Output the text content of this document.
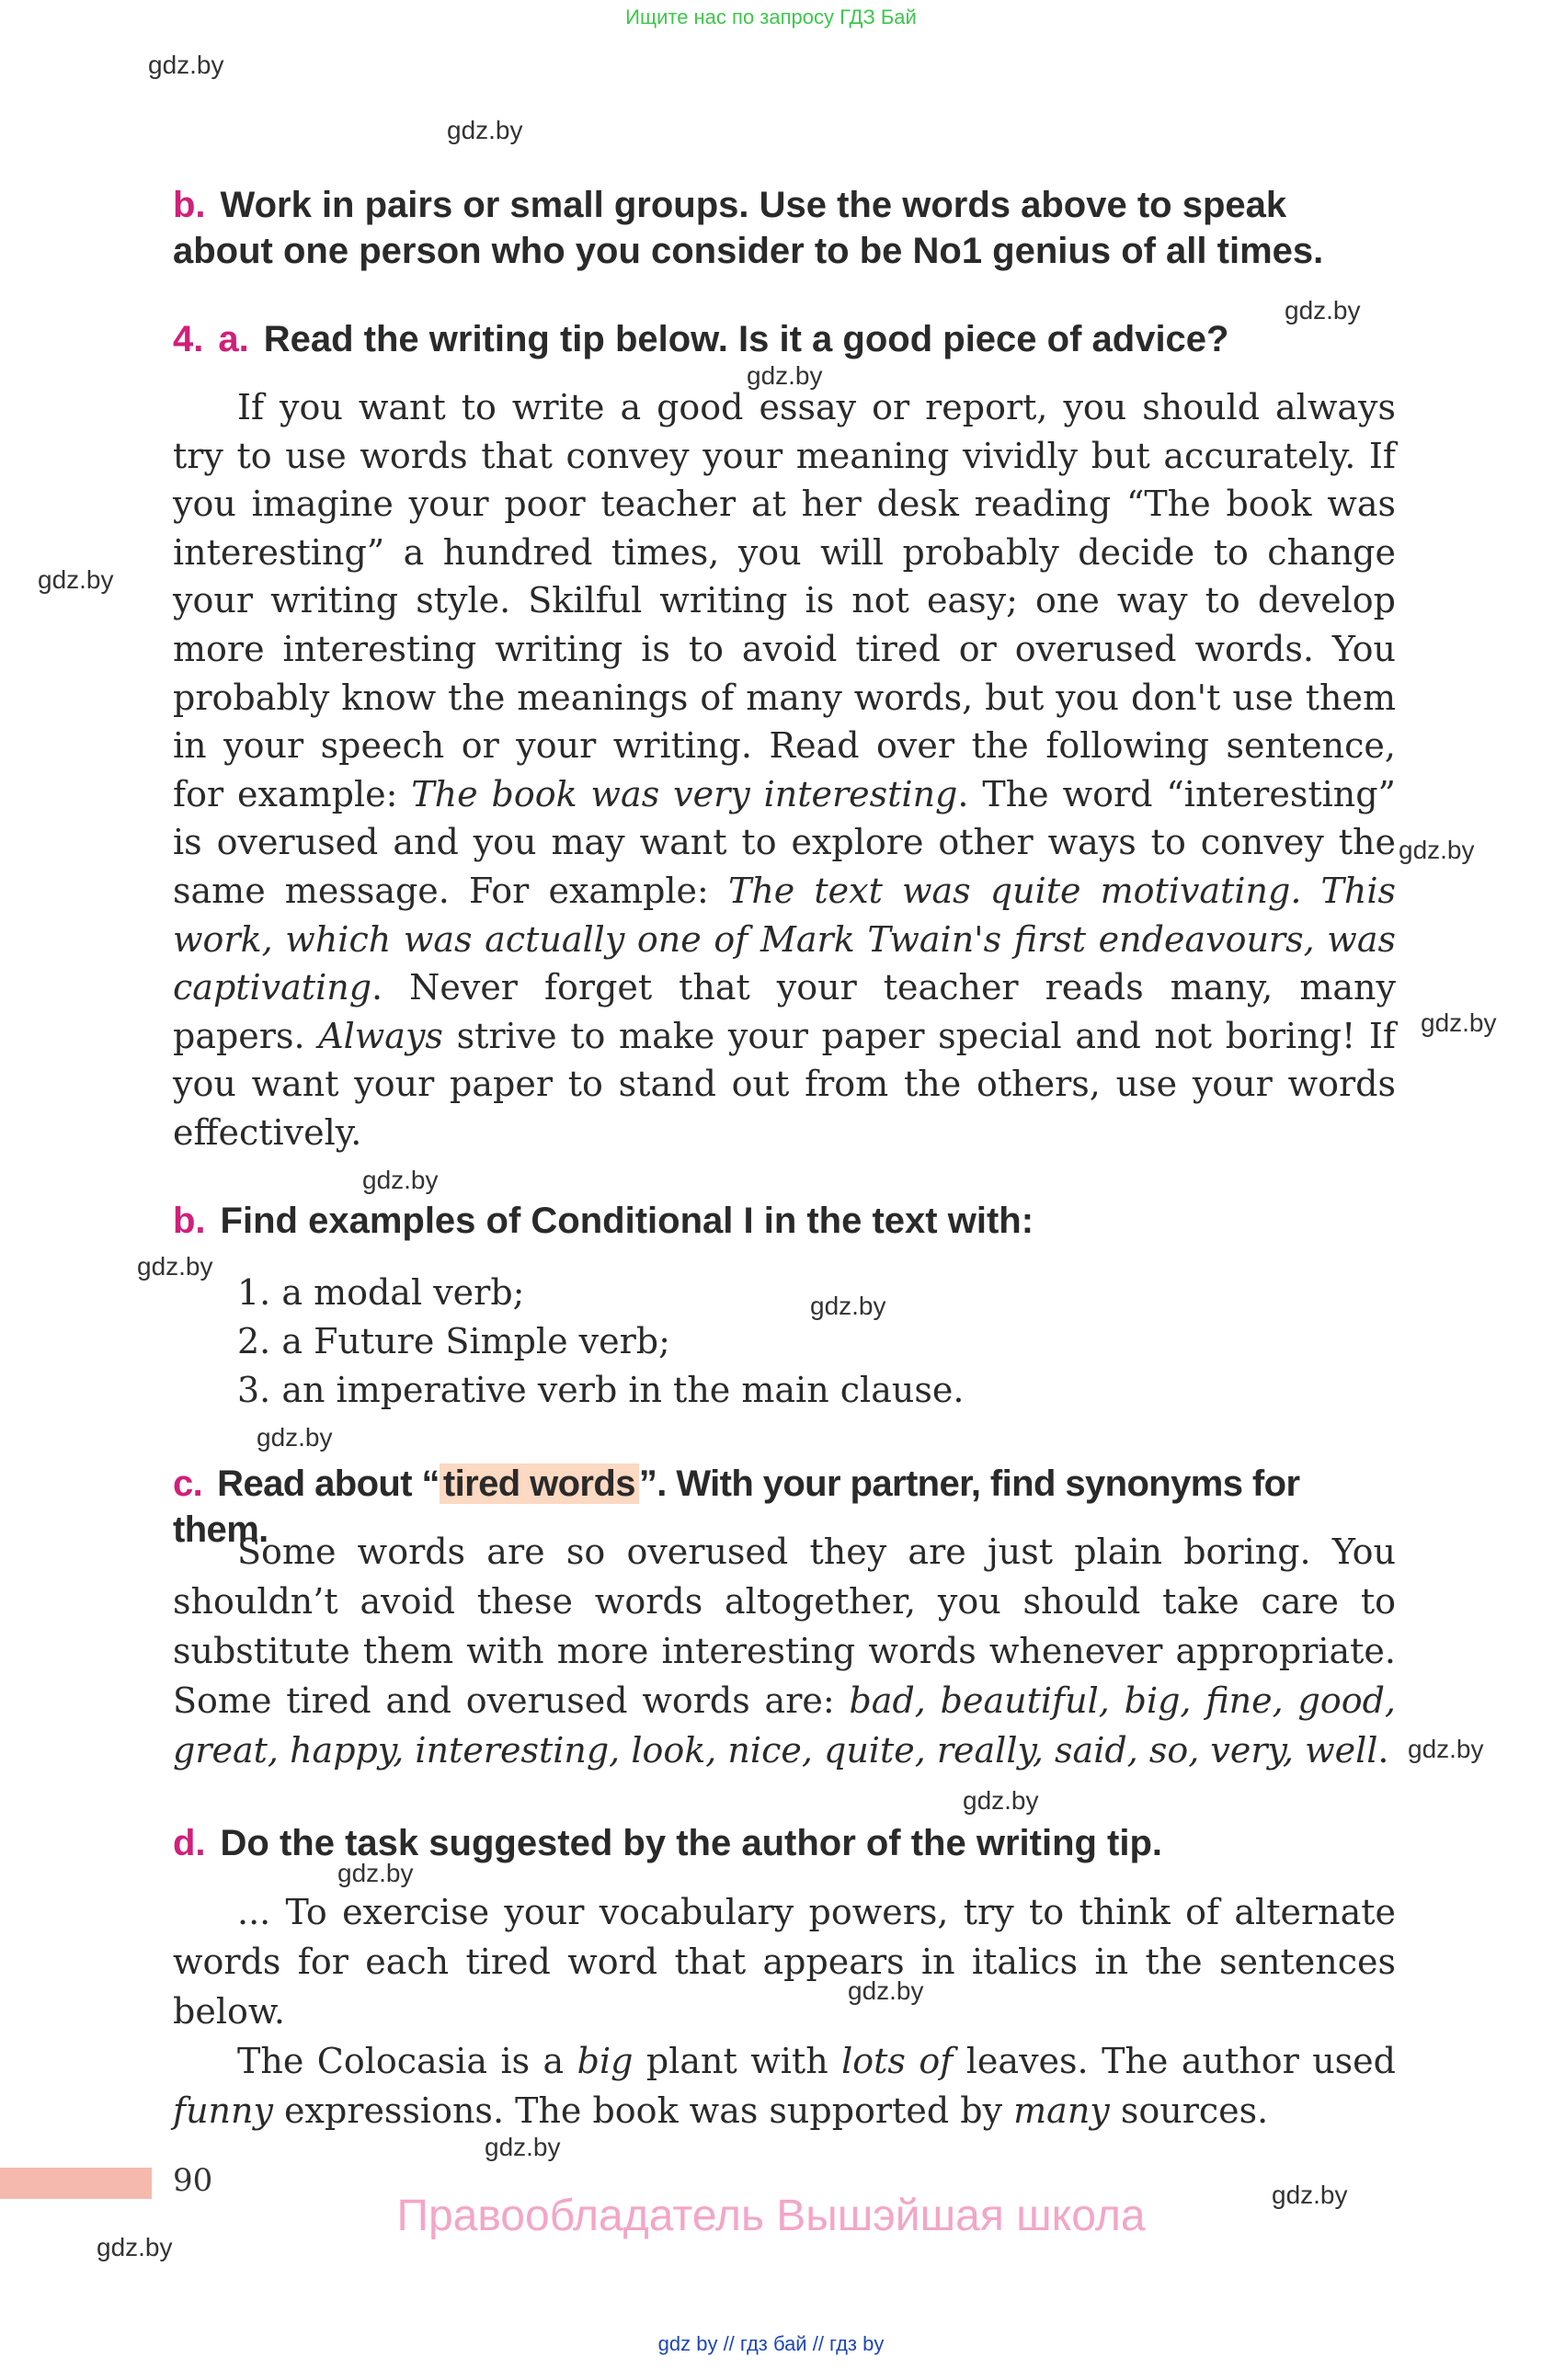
Ищите нас по запросу ГДЗ Бай
gdz.by
gdz.by
gdz.by
gdz.by
gdz.by
gdz.by
gdz.by
gdz.by
gdz.by
gdz.by
gdz.by
gdz.by
gdz.by
gdz.by
gdz.by
gdz.by
gdz.by
gdz.by
b. Work in pairs or small groups. Use the words above to speak about one person who you consider to be No1 genius of all times.
4. a. Read the writing tip below. Is it a good piece of advice?
If you want to write a good essay or report, you should always try to use words that convey your meaning vividly but accurately. If you imagine your poor teacher at her desk reading “The book was interesting” a hundred times, you will probably decide to change your writing style. Skilful writing is not easy; one way to develop more interesting writing is to avoid tired or overused words. You probably know the meanings of many words, but you don't use them in your speech or your writing. Read over the following sentence, for example: The book was very interesting. The word “interesting” is overused and you may want to explore other ways to convey the same message. For example: The text was quite motivating. This work, which was actually one of Mark Twain's first endeavours, was captivating. Never forget that your teacher reads many, many papers. Always strive to make your paper special and not boring! If you want your paper to stand out from the others, use your words effectively.
b. Find examples of Conditional I in the text with:
1. a modal verb;
2. a Future Simple verb;
3. an imperative verb in the main clause.
c. Read about “ tired words ”. With your partner, find synonyms for them.
Some words are so overused they are just plain boring. You shouldn’t avoid these words altogether, you should take care to substitute them with more interesting words whenever appropriate. Some tired and overused words are: bad, beautiful, big, fine, good, great, happy, interesting, look, nice, quite, really, said, so, very, well.
d. Do the task suggested by the author of the writing tip.
... To exercise your vocabulary powers, try to think of alternate words for each tired word that appears in italics in the sentences below.
The Colocasia is a big plant with lots of leaves. The author used funny expressions. The book was supported by many sources.
90
Правообладатель Вышэйшая школа
gdz by // гдз бай // гдз by
